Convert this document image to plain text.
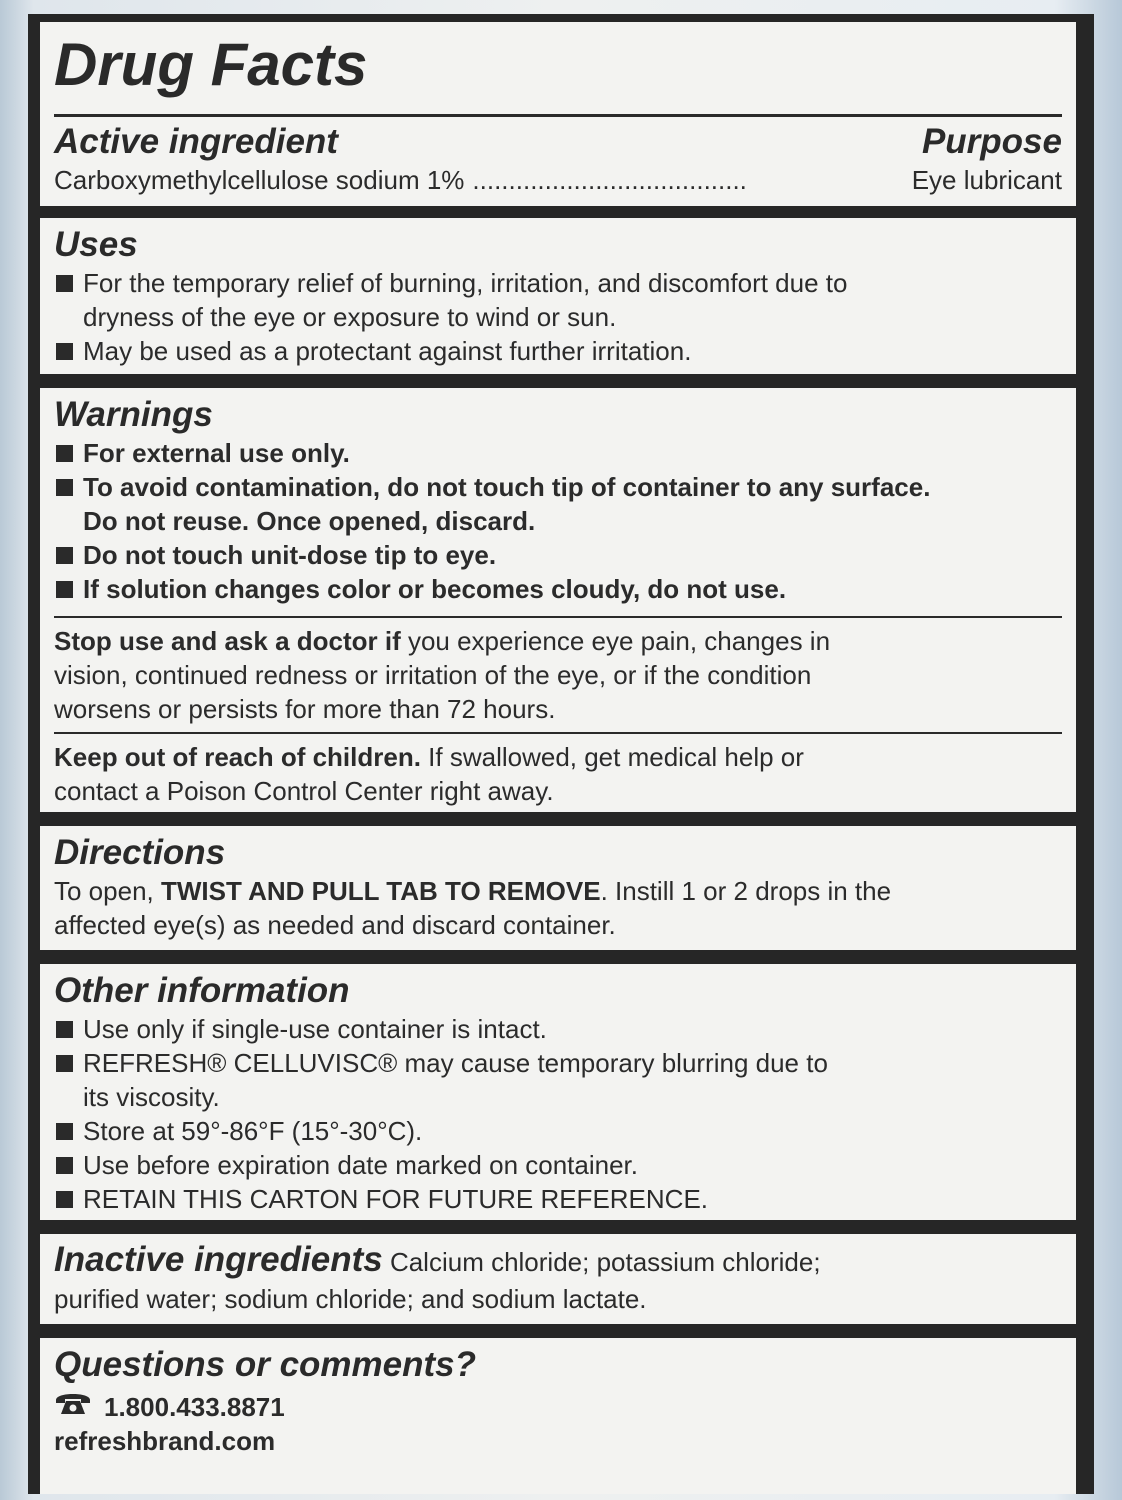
Drug Facts
Active ingredient	Purpose
Carboxymethylcellulose sodium 1% ......................................	Eye lubricant
Uses
For the temporary relief of burning, irritation, and discomfort due to
dryness of the eye or exposure to wind or sun.
May be used as a protectant against further irritation.
Warnings
For external use only.
To avoid contamination, do not touch tip of container to any surface.
Do not reuse. Once opened, discard.
Do not touch unit-dose tip to eye.
If solution changes color or becomes cloudy, do not use.
Stop use and ask a doctor if you experience eye pain, changes in
vision, continued redness or irritation of the eye, or if the condition
worsens or persists for more than 72 hours.
Keep out of reach of children. If swallowed, get medical help or
contact a Poison Control Center right away.
Directions
To open, TWIST AND PULL TAB TO REMOVE. Instill 1 or 2 drops in the
affected eye(s) as needed and discard container.
Other information
Use only if single-use container is intact.
REFRESH® CELLUVISC® may cause temporary blurring due to
its viscosity.
Store at 59°-86°F (15°-30°C).
Use before expiration date marked on container.
RETAIN THIS CARTON FOR FUTURE REFERENCE.
Inactive ingredients Calcium chloride; potassium chloride;
purified water; sodium chloride; and sodium lactate.
Questions or comments?
1.800.433.8871
refreshbrand.com
